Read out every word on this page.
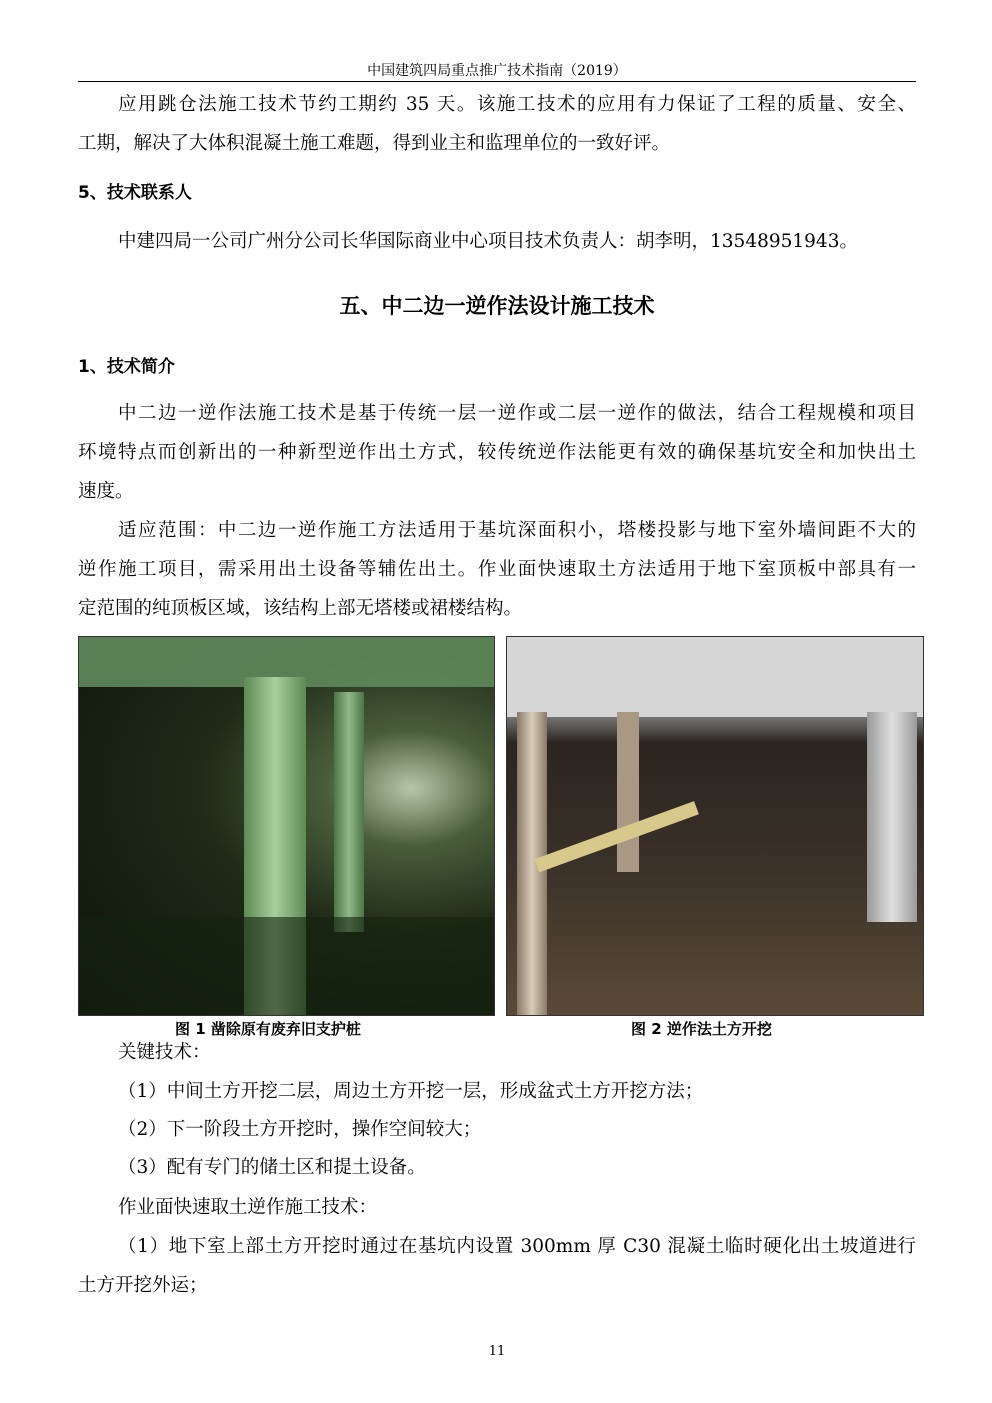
中国建筑四局重点推广技术指南（2019）
应用跳仓法施工技术节约工期约 35 天。该施工技术的应用有力保证了工程的质量、安全、
工期，解决了大体积混凝土施工难题，得到业主和监理单位的一致好评。
5、技术联系人
中建四局一公司广州分公司长华国际商业中心项目技术负责人：胡李明，13548951943。
五、中二边一逆作法设计施工技术
1、技术简介
中二边一逆作法施工技术是基于传统一层一逆作或二层一逆作的做法，结合工程规模和项目
环境特点而创新出的一种新型逆作出土方式，较传统逆作法能更有效的确保基坑安全和加快出土
速度。
适应范围：中二边一逆作施工方法适用于基坑深面积小，塔楼投影与地下室外墙间距不大的
逆作施工项目，需采用出土设备等辅佐出土。作业面快速取土方法适用于地下室顶板中部具有一
定范围的纯顶板区域，该结构上部无塔楼或裙楼结构。
图 1 凿除原有废弃旧支护桩	图 2 逆作法土方开挖
关键技术：
（1）中间土方开挖二层，周边土方开挖一层，形成盆式土方开挖方法；
（2）下一阶段土方开挖时，操作空间较大；
（3）配有专门的储土区和提土设备。
作业面快速取土逆作施工技术：
（1）地下室上部土方开挖时通过在基坑内设置 300mm 厚 C30 混凝土临时硬化出土坡道进行
土方开挖外运；
11
